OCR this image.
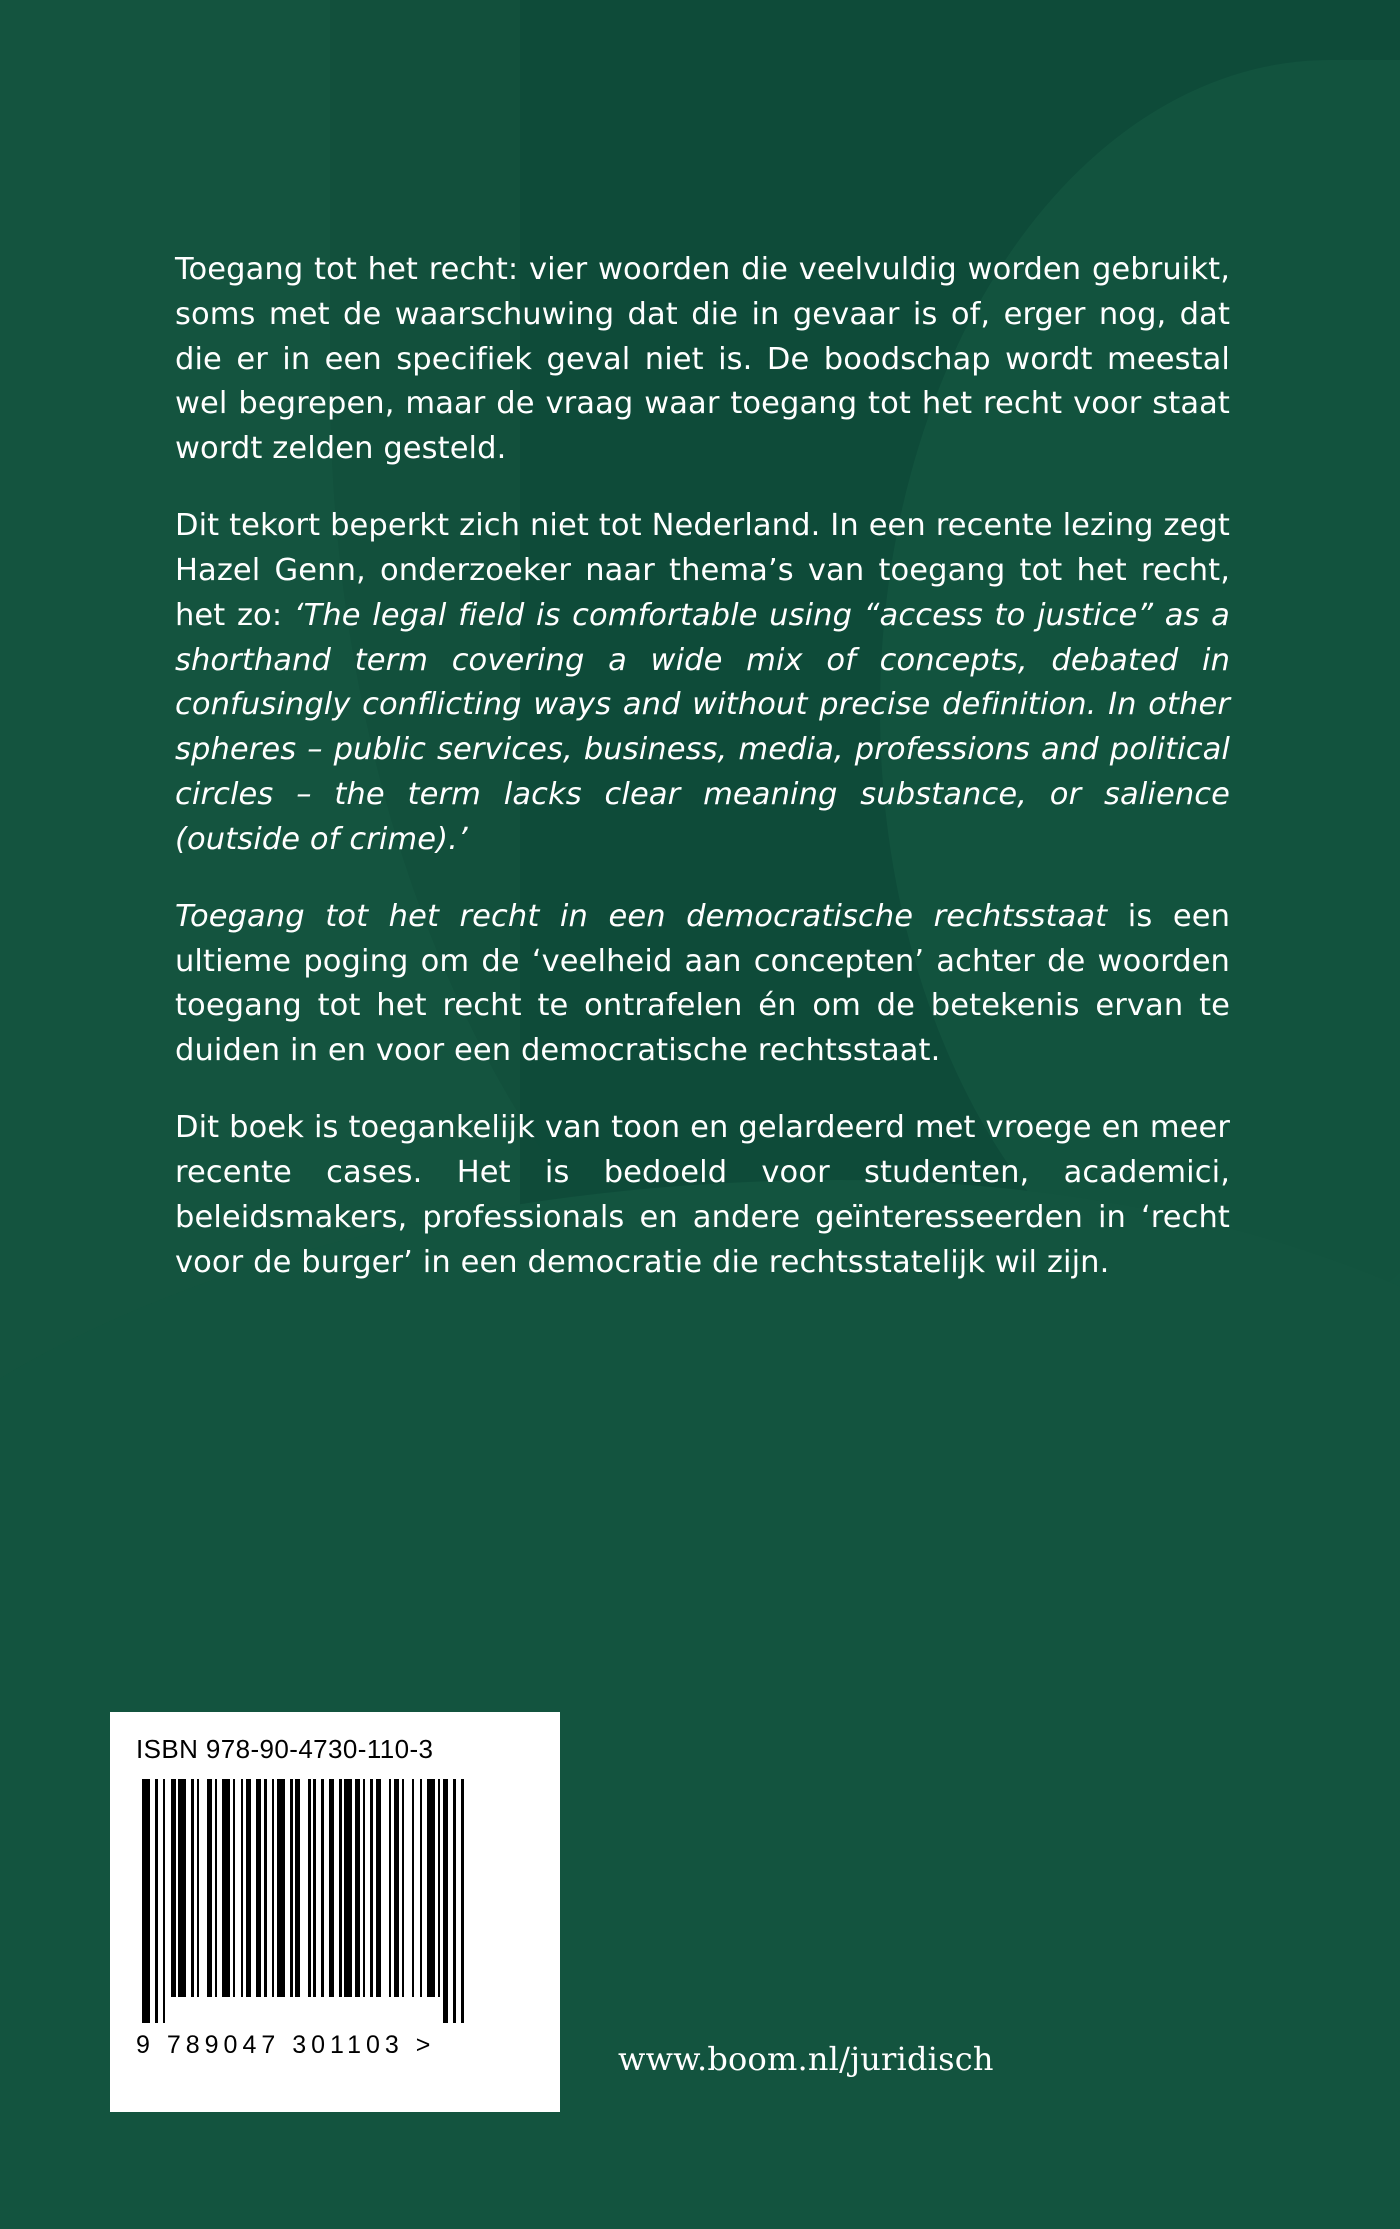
Toegang tot het recht: vier woorden die veelvuldig worden gebruikt, soms met de waarschuwing dat die in gevaar is of, erger nog, dat die er in een specifiek geval niet is. De boodschap wordt meestal wel begrepen, maar de vraag waar toegang tot het recht voor staat wordt zelden gesteld.

Dit tekort beperkt zich niet tot Nederland. In een recente lezing zegt Hazel Genn, onderzoeker naar thema’s van toegang tot het recht, het zo: ‘The legal field is comfortable using “access to justice” as a shorthand term covering a wide mix of concepts, debated in confusingly conflicting ways and without precise definition. In other spheres – public services, business, media, professions and political circles – the term lacks clear meaning substance, or salience (outside of crime).’

Toegang tot het recht in een democratische rechtsstaat is een ultieme poging om de ‘veelheid aan concepten’ achter de woorden toegang tot het recht te ontrafelen én om de betekenis ervan te duiden in en voor een democratische rechtsstaat.

Dit boek is toegankelijk van toon en gelardeerd met vroege en meer recente cases. Het is bedoeld voor studenten, academici, beleidsmakers, professionals en andere geïnteresseerden in ‘recht voor de burger’ in een democratie die rechtsstatelijk wil zijn.

ISBN 978-90-4730-110-3
9 789047 301103 >	www.boom.nl/juridisch
